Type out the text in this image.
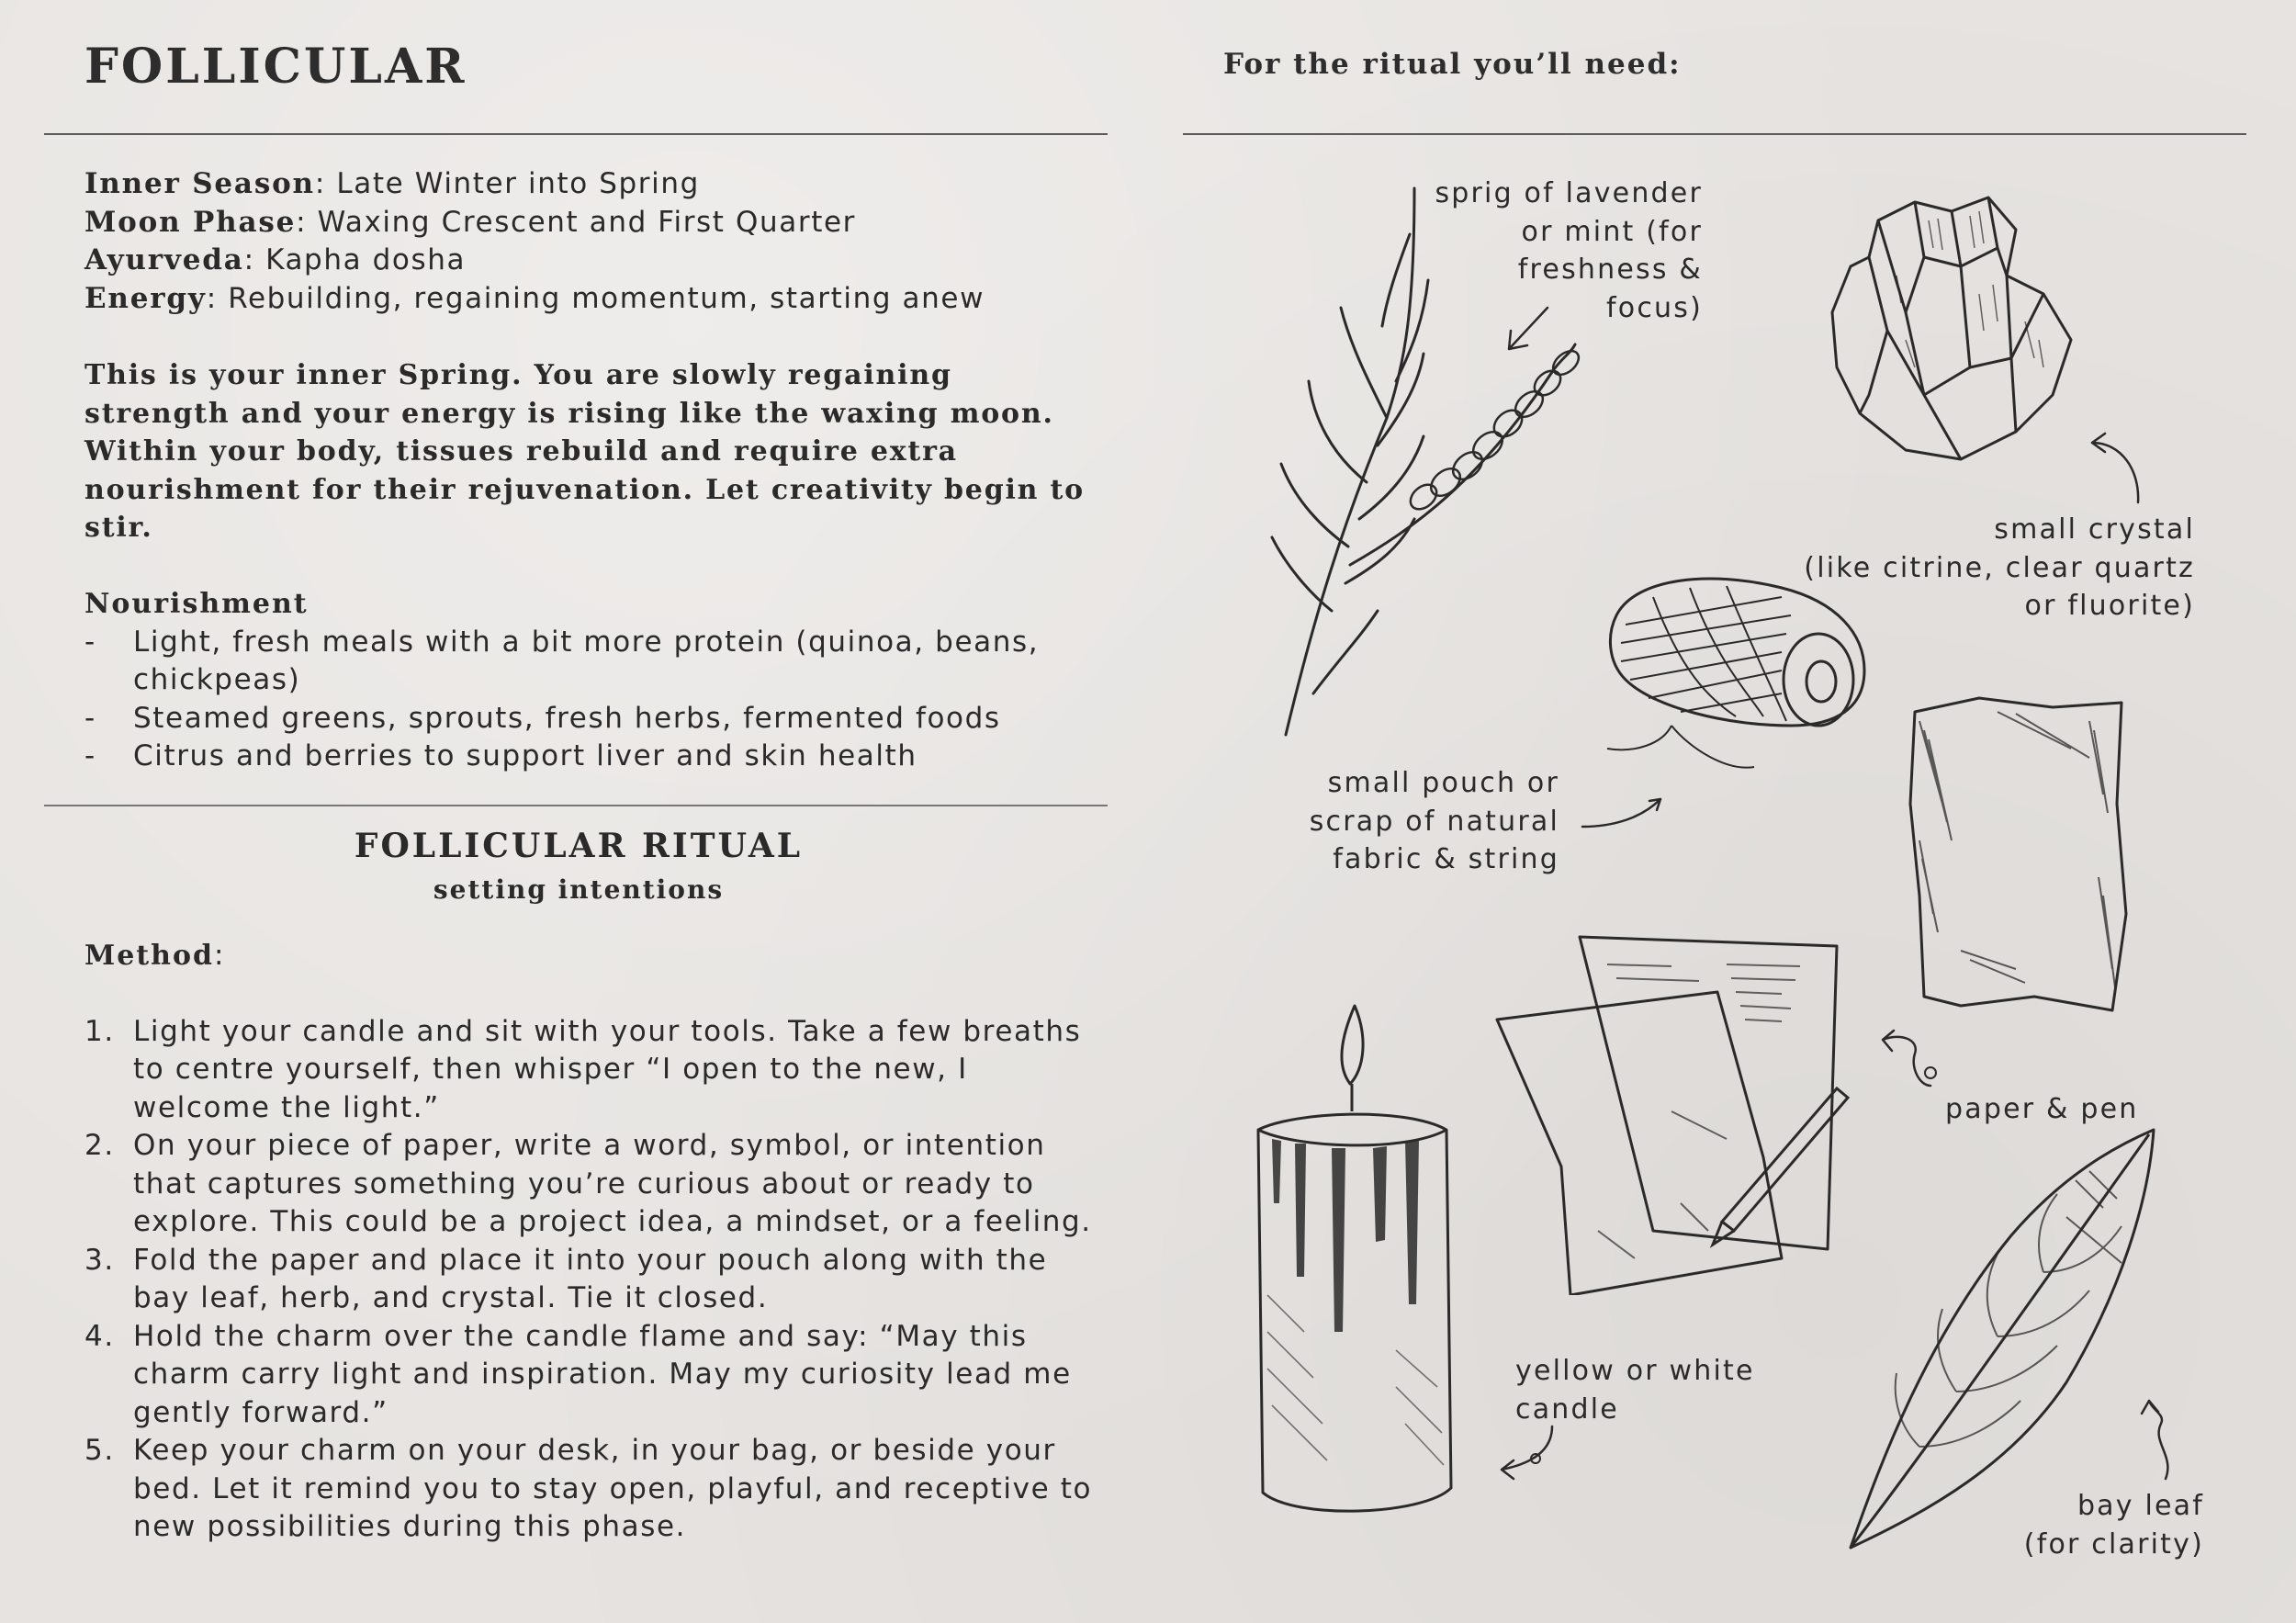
FOLLICULAR
Inner Season: Late Winter into Spring
Moon Phase: Waxing Crescent and First Quarter
Ayurveda: Kapha dosha
Energy: Rebuilding, regaining momentum, starting anew
This is your inner Spring. You are slowly regaining strength and your energy is rising like the waxing moon. Within your body, tissues rebuild and require extra nourishment for their rejuvenation. Let creativity begin to stir.
Nourishment
- Light, fresh meals with a bit more protein (quinoa, beans, chickpeas)
- Steamed greens, sprouts, fresh herbs, fermented foods
- Citrus and berries to support liver and skin health
FOLLICULAR RITUAL
setting intentions
Method:
1. Light your candle and sit with your tools. Take a few breaths to centre yourself, then whisper “I open to the new, I welcome the light.”
2. On your piece of paper, write a word, symbol, or intention that captures something you’re curious about or ready to explore. This could be a project idea, a mindset, or a feeling.
3. Fold the paper and place it into your pouch along with the bay leaf, herb, and crystal. Tie it closed.
4. Hold the charm over the candle flame and say: “May this charm carry light and inspiration. May my curiosity lead me gently forward.”
5. Keep your charm on your desk, in your bag, or beside your bed. Let it remind you to stay open, playful, and receptive to new possibilities during this phase.
For the ritual you’ll need:
sprig of lavender
or mint (for
freshness &
focus)
small crystal
(like citrine, clear quartz
or fluorite)
small pouch or
scrap of natural
fabric & string
paper & pen
yellow or white
candle
bay leaf
(for clarity)
